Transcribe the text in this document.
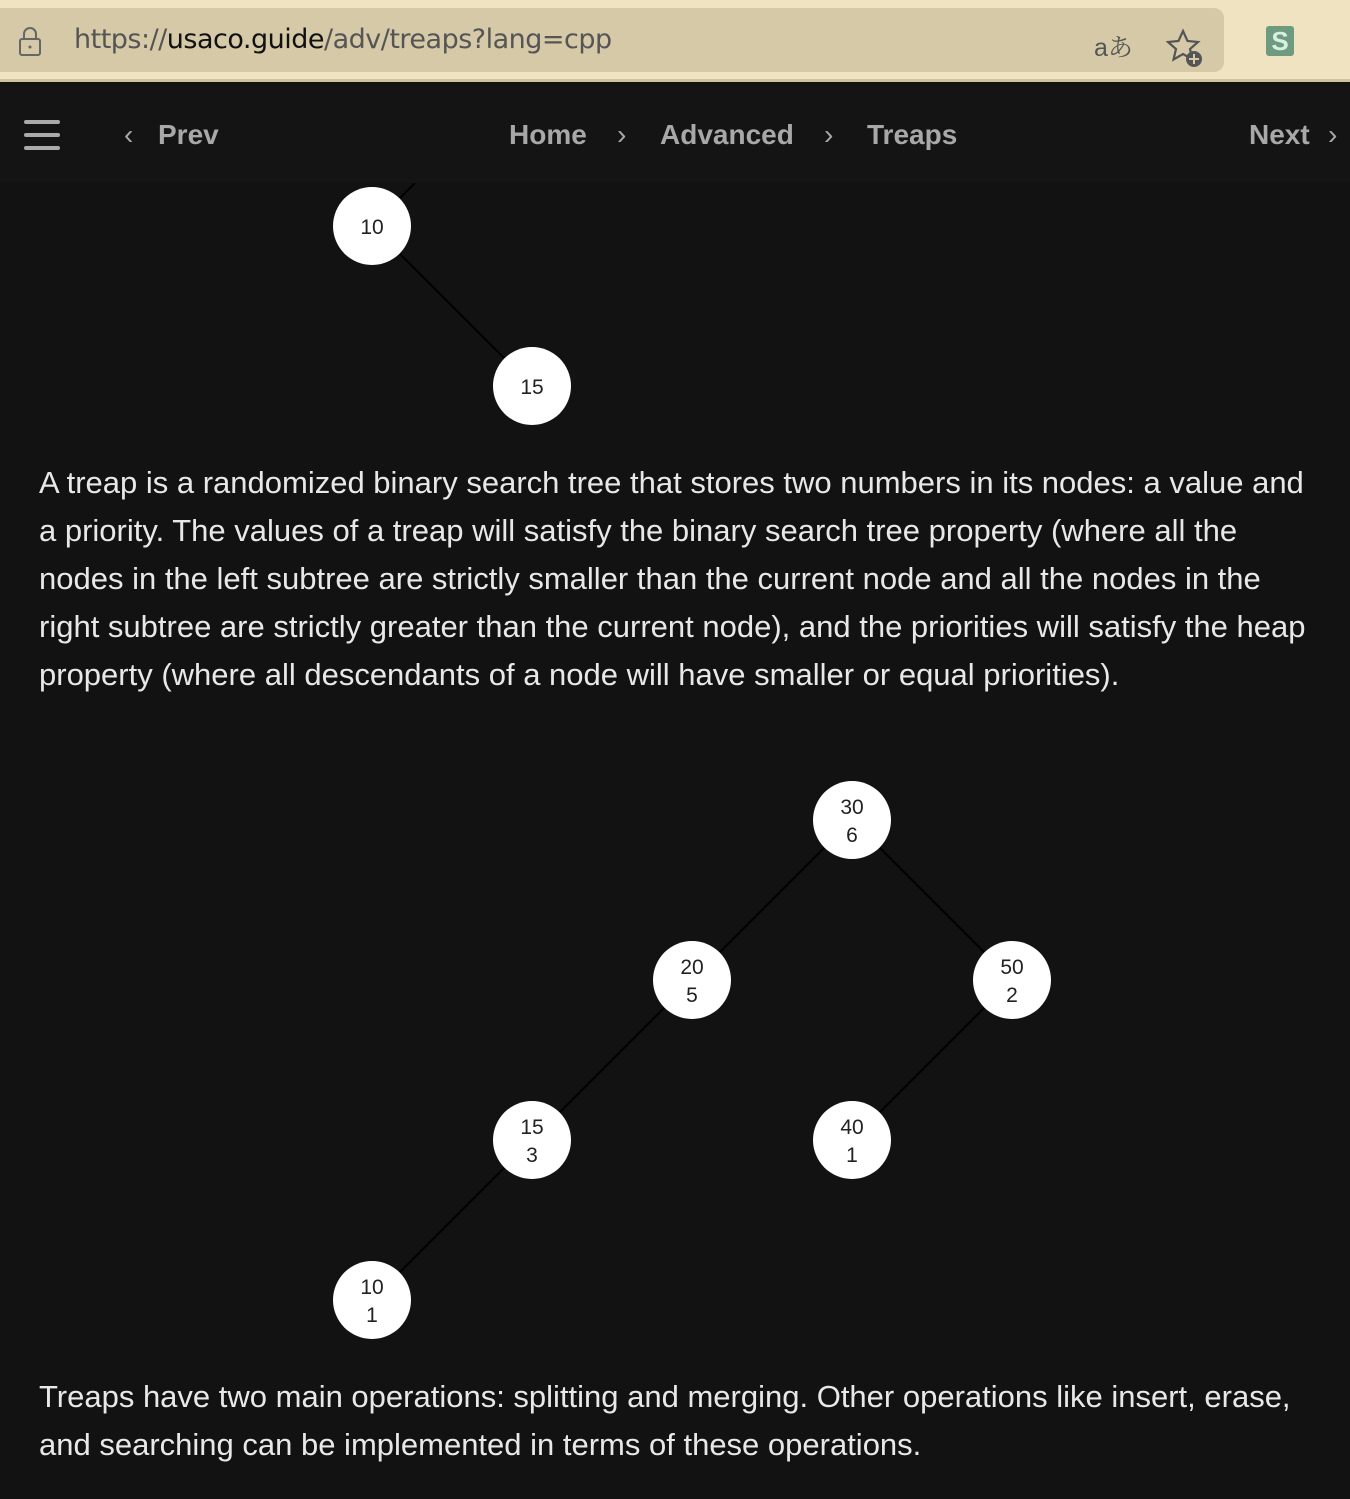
https://usaco.guide/adv/treaps?lang=cpp	aあ	S
‹ Prev	Home › Advanced › Treaps	Next ›
10
15
30
6
20
5
50
2
15
3
40
1
10
1

A treap is a randomized binary search tree that stores two numbers in its nodes: a value and a priority. The values of a treap will satisfy the binary search tree property (where all the nodes in the left subtree are strictly smaller than the current node and all the nodes in the right subtree are strictly greater than the current node), and the priorities will satisfy the heap property (where all descendants of a node will have smaller or equal priorities).

Treaps have two main operations: splitting and merging. Other operations like insert, erase, and searching can be implemented in terms of these operations.
